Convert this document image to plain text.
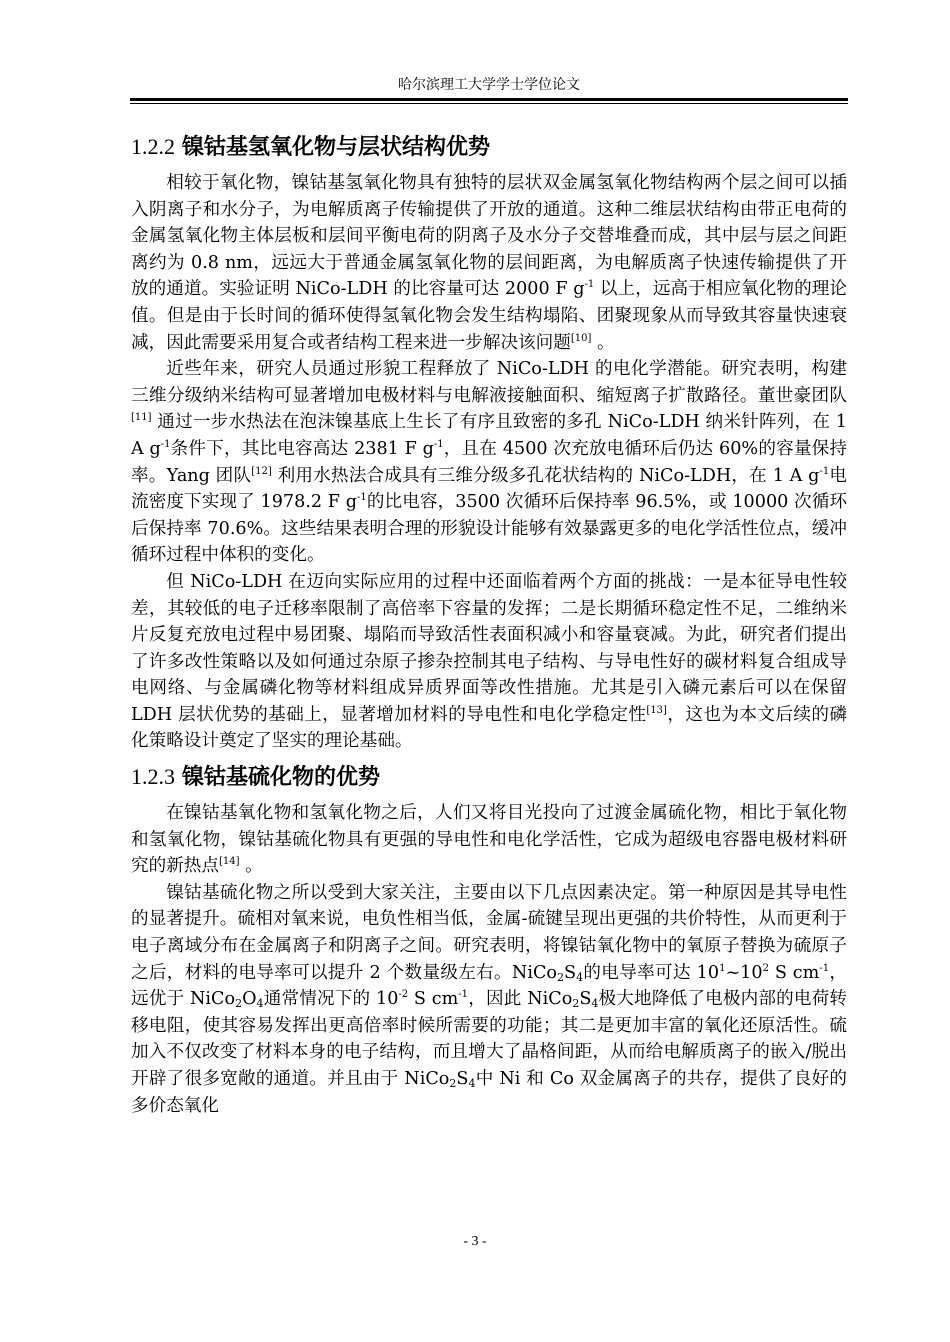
哈尔滨理工大学学士学位论文
1.2.2 镍钴基氢氧化物与层状结构优势

相较于氧化物，镍钴基氢氧化物具有独特的层状双金属氢氧化物结构两个层之间可以插入阴离子和水分子，为电解质离子传输提供了开放的通道。这种二维层状结构由带正电荷的金属氢氧化物主体层板和层间平衡电荷的阴离子及水分子交替堆叠而成，其中层与层之间距离约为 0.8 nm，远远大于普通金属氢氧化物的层间距离，为电解质离子快速传输提供了开放的通道。实验证明 NiCo-LDH 的比容量可达 2000 F $g^{-1}$ 以上，远高于相应氧化物的理论值。但是由于长时间的循环使得氢氧化物会发生结构塌陷、团聚现象从而导致其容量快速衰减，因此需要采用复合或者结构工程来进一步解决该问题[10] 。

近些年来，研究人员通过形貌工程释放了 NiCo-LDH 的电化学潜能。研究表明，构建三维分级纳米结构可显著增加电极材料与电解液接触面积、缩短离子扩散路径。董世豪团队[11] 通过一步水热法在泡沫镍基底上生长了有序且致密的多孔 NiCo-LDH 纳米针阵列，在 1 A $g^{-1}$条件下，其比电容高达 2381 F $g^{-1}$，且在 4500 次充放电循环后仍达 60%的容量保持率。Yang 团队[12] 利用水热法合成具有三维分级多孔花状结构的 NiCo-LDH，在 1 A $g^{-1}$电流密度下实现了 1978.2 F $g^{-1}$的比电容，3500 次循环后保持率 96.5%，或 10000 次循环后保持率 70.6%。这些结果表明合理的形貌设计能够有效暴露更多的电化学活性位点，缓冲循环过程中体积的变化。

但 NiCo-LDH 在迈向实际应用的过程中还面临着两个方面的挑战：一是本征导电性较差，其较低的电子迁移率限制了高倍率下容量的发挥；二是长期循环稳定性不足，二维纳米片反复充放电过程中易团聚、塌陷而导致活性表面积减小和容量衰减。为此，研究者们提出了许多改性策略以及如何通过杂原子掺杂控制其电子结构、与导电性好的碳材料复合组成导电网络、与金属磷化物等材料组成异质界面等改性措施。尤其是引入磷元素后可以在保留 LDH 层状优势的基础上，显著增加材料的导电性和电化学稳定性[13]，这也为本文后续的磷化策略设计奠定了坚实的理论基础。

1.2.3 镍钴基硫化物的优势

在镍钴基氧化物和氢氧化物之后，人们又将目光投向了过渡金属硫化物，相比于氧化物和氢氧化物，镍钴基硫化物具有更强的导电性和电化学活性，它成为超级电容器电极材料研究的新热点[14] 。

镍钴基硫化物之所以受到大家关注，主要由以下几点因素决定。第一种原因是其导电性的显著提升。硫相对氧来说，电负性相当低，金属-硫键呈现出更强的共价特性，从而更利于电子离域分布在金属离子和阴离子之间。研究表明，将镍钴氧化物中的氧原子替换为硫原子之后，材料的电导率可以提升 2 个数量级左右。$NiCo_2S_4$的电导率可达 $10^1\sim 10^2$ S $cm^{-1}$，远优于 $NiCo_2O_4$通常情况下的 $10^{-2}$ S $cm^{-1}$，因此 $NiCo_2S_4$极大地降低了电极内部的电荷转移电阻，使其容易发挥出更高倍率时候所需要的功能；其二是更加丰富的氧化还原活性。硫加入不仅改变了材料本身的电子结构，而且增大了晶格间距，从而给电解质离子的嵌入/脱出开辟了很多宽敞的通道。并且由于 $NiCo_2S_4$中 Ni 和 Co 双金属离子的共存，提供了良好的多价态氧化

- 3 -
